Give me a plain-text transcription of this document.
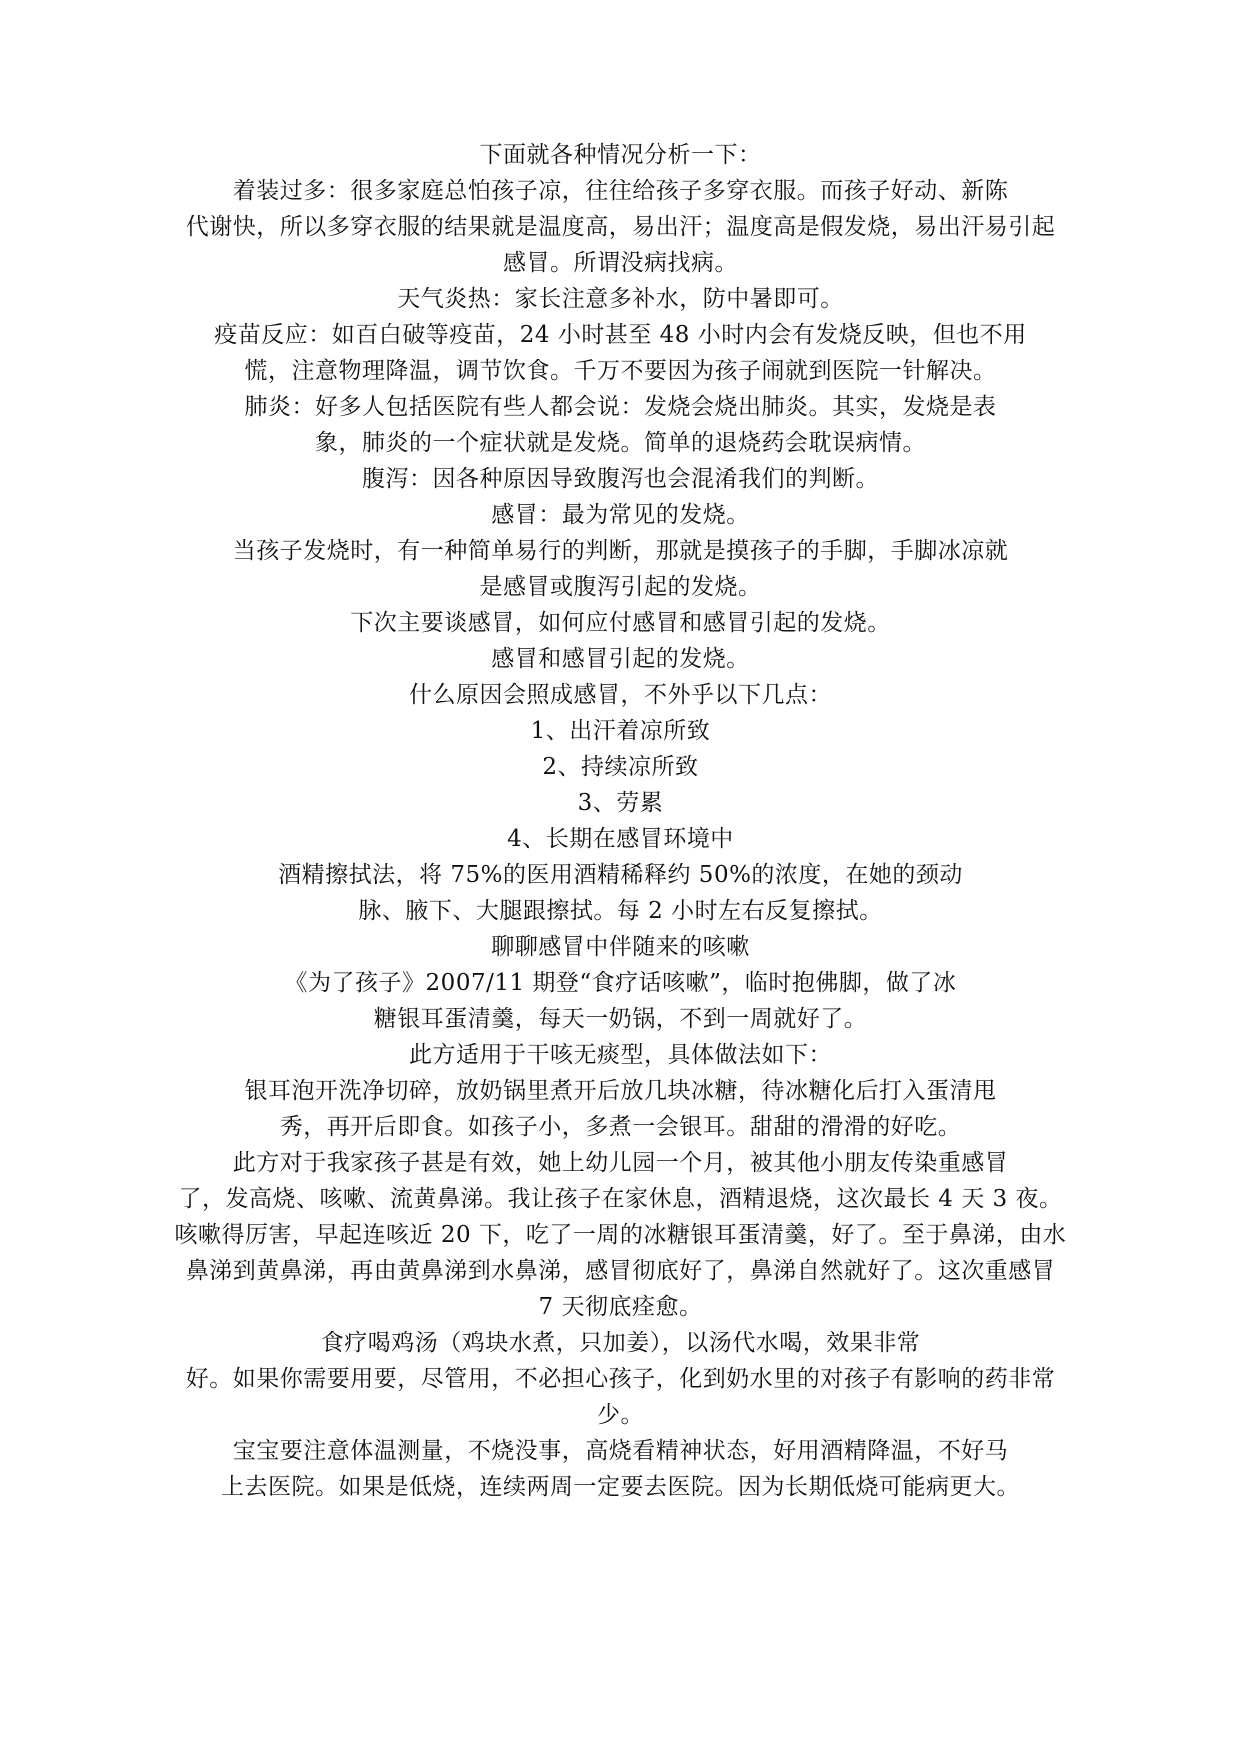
下面就各种情况分析一下：
着装过多：很多家庭总怕孩子凉，往往给孩子多穿衣服。而孩子好动、新陈
代谢快，所以多穿衣服的结果就是温度高，易出汗；温度高是假发烧，易出汗易引起
感冒。所谓没病找病。
天气炎热：家长注意多补水，防中暑即可。
疫苗反应：如百白破等疫苗，24 小时甚至 48 小时内会有发烧反映，但也不用
慌，注意物理降温，调节饮食。千万不要因为孩子闹就到医院一针解决。
肺炎：好多人包括医院有些人都会说：发烧会烧出肺炎。其实，发烧是表
象，肺炎的一个症状就是发烧。简单的退烧药会耽误病情。
腹泻：因各种原因导致腹泻也会混淆我们的判断。
感冒：最为常见的发烧。
当孩子发烧时，有一种简单易行的判断，那就是摸孩子的手脚，手脚冰凉就
是感冒或腹泻引起的发烧。
下次主要谈感冒，如何应付感冒和感冒引起的发烧。
感冒和感冒引起的发烧。
什么原因会照成感冒，不外乎以下几点：
1、出汗着凉所致
2、持续凉所致
3、劳累
4、长期在感冒环境中
酒精擦拭法，将 75%的医用酒精稀释约 50%的浓度，在她的颈动
脉、腋下、大腿跟擦拭。每 2 小时左右反复擦拭。
聊聊感冒中伴随来的咳嗽
《为了孩子》2007/11 期登“食疗话咳嗽”，临时抱佛脚，做了冰
糖银耳蛋清羹，每天一奶锅，不到一周就好了。
此方适用于干咳无痰型，具体做法如下：
银耳泡开洗净切碎，放奶锅里煮开后放几块冰糖，待冰糖化后打入蛋清甩
秀，再开后即食。如孩子小，多煮一会银耳。甜甜的滑滑的好吃。
此方对于我家孩子甚是有效，她上幼儿园一个月，被其他小朋友传染重感冒
了，发高烧、咳嗽、流黄鼻涕。我让孩子在家休息，酒精退烧，这次最长 4 天 3 夜。
咳嗽得厉害，早起连咳近 20 下，吃了一周的冰糖银耳蛋清羹，好了。至于鼻涕，由水
鼻涕到黄鼻涕，再由黄鼻涕到水鼻涕，感冒彻底好了，鼻涕自然就好了。这次重感冒
7 天彻底痊愈。
食疗喝鸡汤（鸡块水煮，只加姜），以汤代水喝，效果非常
好。如果你需要用要，尽管用，不必担心孩子，化到奶水里的对孩子有影响的药非常
少。
宝宝要注意体温测量，不烧没事，高烧看精神状态，好用酒精降温，不好马
上去医院。如果是低烧，连续两周一定要去医院。因为长期低烧可能病更大。
